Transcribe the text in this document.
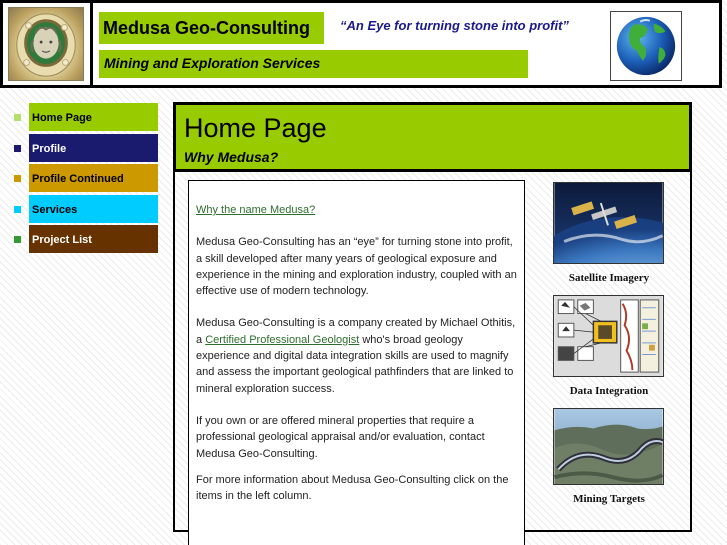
Medusa Geo-Consulting	“An Eye for turning stone into profit”
Mining and Exploration Services
Home Page
Profile
Profile Continued
Services
Project List
Home Page
Why Medusa?

Why the name Medusa?

Medusa Geo-Consulting has an “eye” for turning stone into profit, a skill developed after many years of geological exposure and experience in the mining and exploration industry, coupled with an effective use of modern technology.

Medusa Geo-Consulting is a company created by Michael Othitis, a Certified Professional Geologist who's broad geology experience and digital data integration skills are used to magnify and assess the important geological pathfinders that are linked to mineral exploration success.

If you own or are offered mineral properties that require a professional geological appraisal and/or evaluation, contact Medusa Geo-Consulting.

For more information about Medusa Geo-Consulting click on the items in the left column.

Satellite Imagery
Data Integration
Mining Targets
